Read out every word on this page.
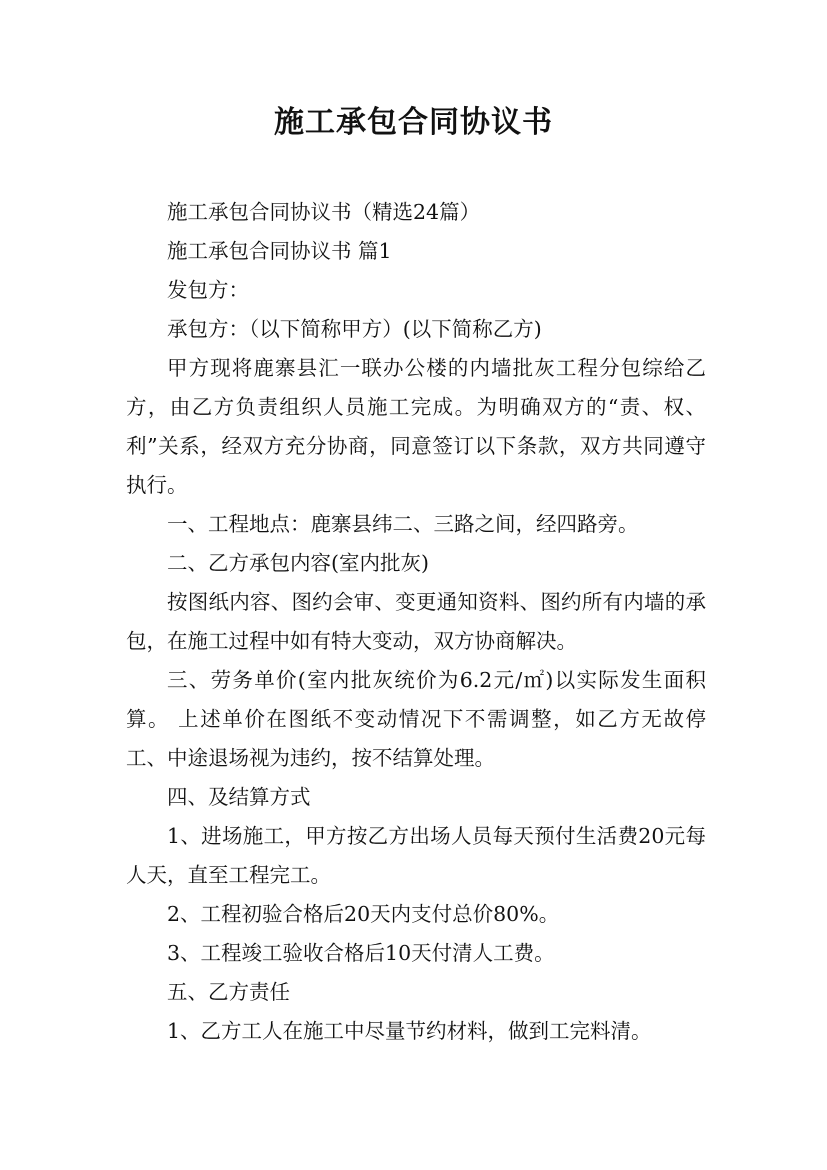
施工承包合同协议书

施工承包合同协议书（精选24篇）

施工承包合同协议书 篇1

发包方：

承包方：（以下简称甲方）(以下简称乙方)

甲方现将鹿寨县汇一联办公楼的内墙批灰工程分包综给乙方，由乙方负责组织人员施工完成。为明确双方的“责、权、利”关系，经双方充分协商，同意签订以下条款，双方共同遵守执行。

一、工程地点：鹿寨县纬二、三路之间，经四路旁。

二、乙方承包内容(室内批灰)

按图纸内容、图约会审、变更通知资料、图约所有内墙的承包，在施工过程中如有特大变动，双方协商解决。

三、劳务单价(室内批灰统价为6.2元/㎡)以实际发生面积算。 上述单价在图纸不变动情况下不需调整，如乙方无故停工、中途退场视为违约，按不结算处理。

四、及结算方式

1、进场施工，甲方按乙方出场人员每天预付生活费20元每人天，直至工程完工。

2、工程初验合格后20天内支付总价80%。

3、工程竣工验收合格后10天付清人工费。

五、乙方责任

1、乙方工人在施工中尽量节约材料，做到工完料清。
